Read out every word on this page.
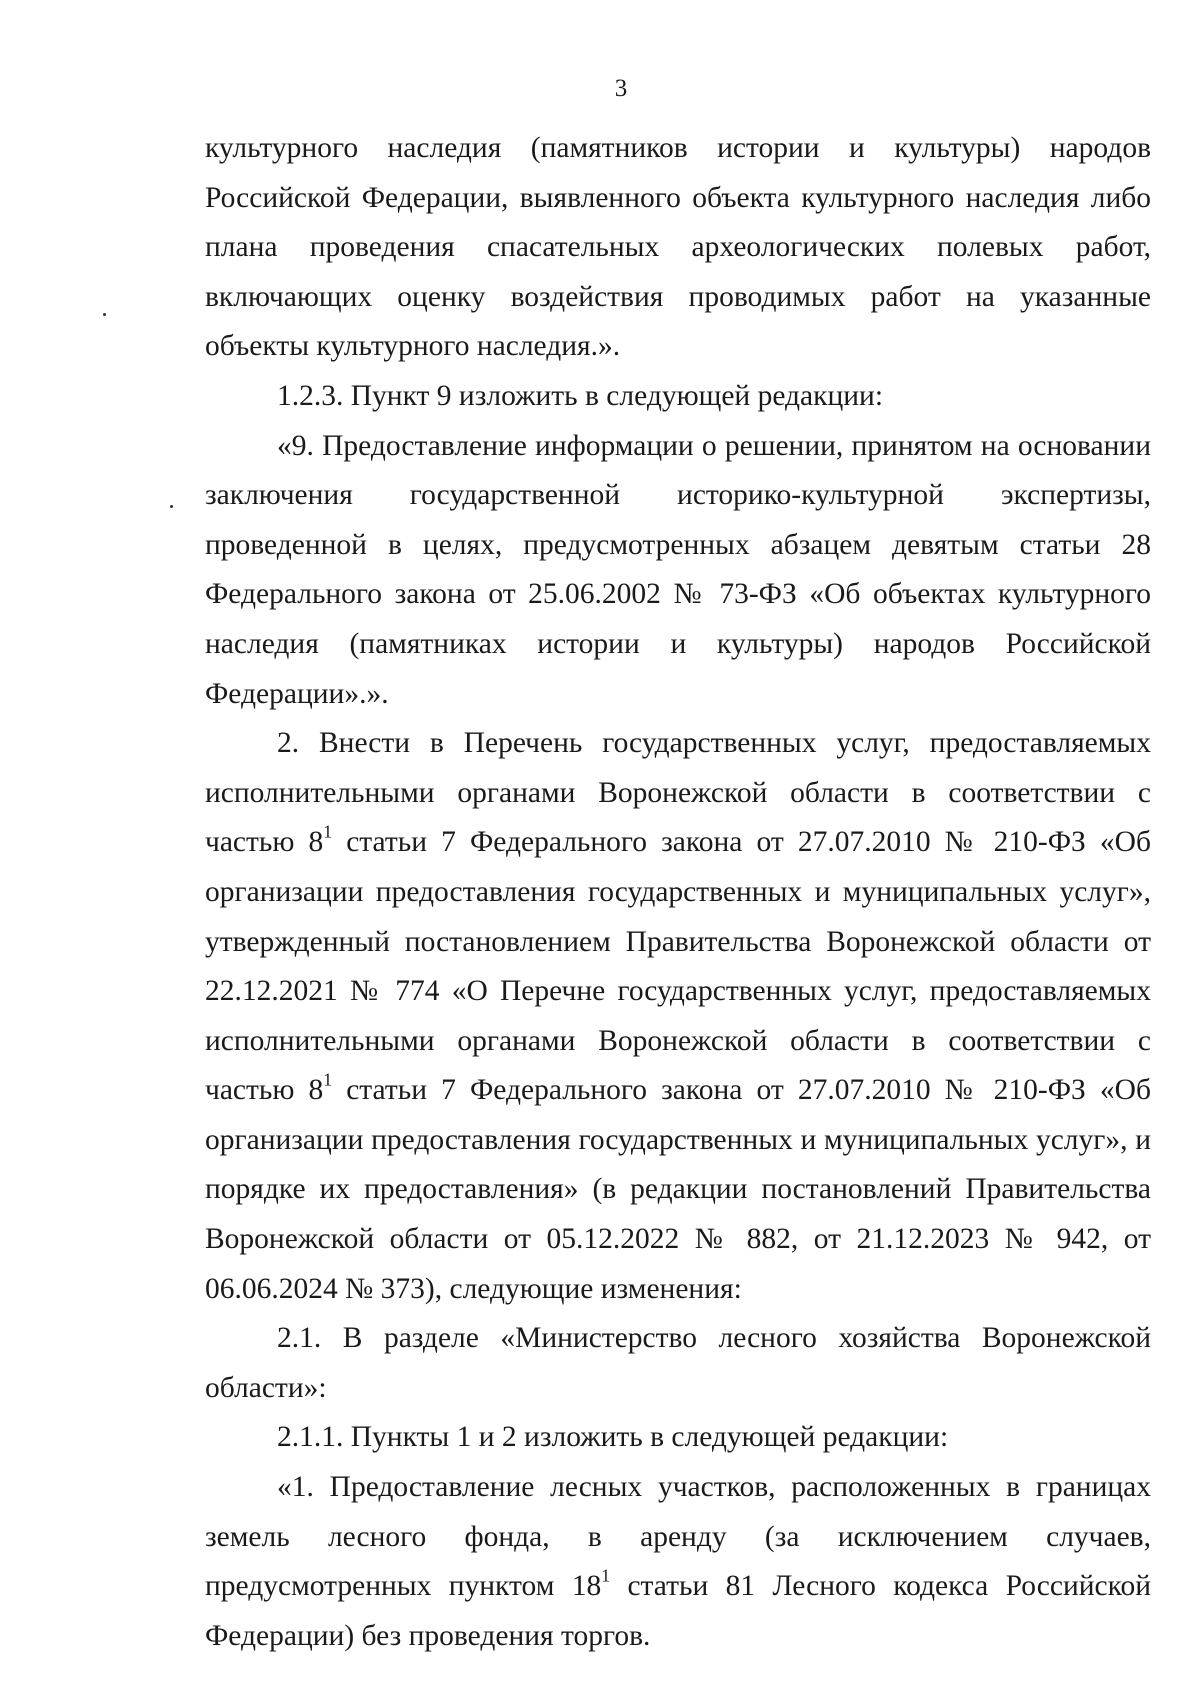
3

культурного наследия (памятников истории и культуры) народов Российской Федерации, выявленного объекта культурного наследия либо плана проведения спасательных археологических полевых работ, включающих оценку воздействия проводимых работ на указанные объекты культурного наследия.».

1.2.3. Пункт 9 изложить в следующей редакции:

«9. Предоставление информации о решении, принятом на основании заключения государственной историко-культурной экспертизы, проведенной в целях, предусмотренных абзацем девятым статьи 28 Федерального закона от 25.06.2002 № 73-ФЗ «Об объектах культурного наследия (памятниках истории и культуры) народов Российской Федерации».».

2. Внести в Перечень государственных услуг, предоставляемых исполнительными органами Воронежской области в соответствии с частью $8^1$ статьи 7 Федерального закона от 27.07.2010 № 210-ФЗ «Об организации предоставления государственных и муниципальных услуг», утвержденный постановлением Правительства Воронежской области от 22.12.2021 № 774 «О Перечне государственных услуг, предоставляемых исполнительными органами Воронежской области в соответствии с частью $8^1$ статьи 7 Федерального закона от 27.07.2010 № 210-ФЗ «Об организации предоставления государственных и муниципальных услуг», и порядке их предоставления» (в редакции постановлений Правительства Воронежской области от 05.12.2022 № 882, от 21.12.2023 № 942, от 06.06.2024 № 373), следующие изменения:

2.1. В разделе «Министерство лесного хозяйства Воронежской области»:

2.1.1. Пункты 1 и 2 изложить в следующей редакции:

«1. Предоставление лесных участков, расположенных в границах земель лесного фонда, в аренду (за исключением случаев, предусмотренных пунктом $18^1$ статьи 81 Лесного кодекса Российской Федерации) без проведения торгов.
